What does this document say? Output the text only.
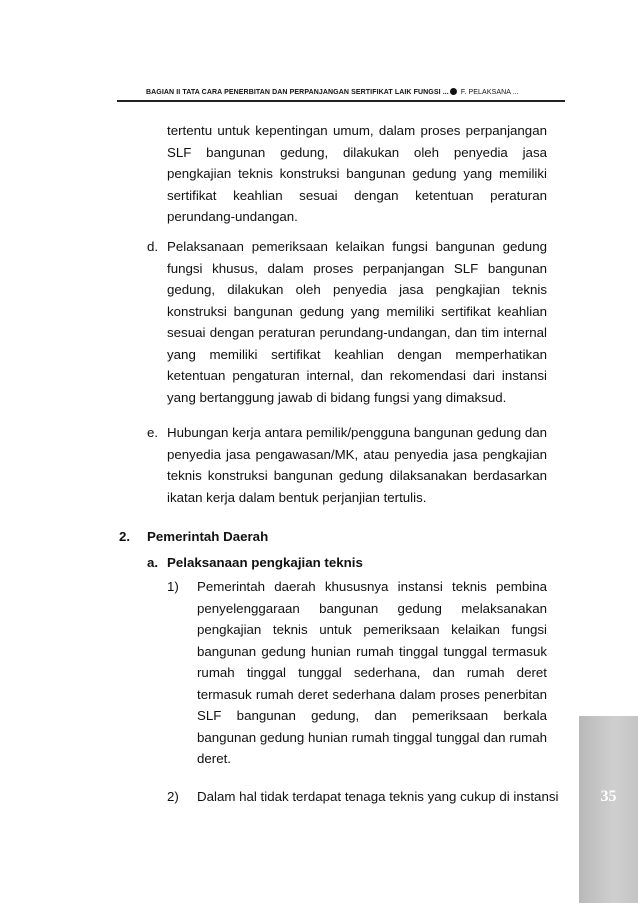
BAGIAN II TATA CARA PENERBITAN DAN PERPANJANGAN SERTIFIKAT LAIK FUNGSI ... F. PELAKSANA ...
tertentu untuk kepentingan umum, dalam proses perpanjangan SLF bangunan gedung, dilakukan oleh penyedia jasa pengkajian teknis konstruksi bangunan gedung yang memiliki sertifikat keahlian sesuai dengan ketentuan peraturan perundang-undangan.
d. Pelaksanaan pemeriksaan kelaikan fungsi bangunan gedung fungsi khusus, dalam proses perpanjangan SLF bangunan gedung, dilakukan oleh penyedia jasa pengkajian teknis konstruksi bangunan gedung yang memiliki sertifikat keahlian sesuai dengan peraturan perundang-undangan, dan tim internal yang memiliki sertifikat keahlian dengan memperhatikan ketentuan pengaturan internal, dan rekomendasi dari instansi yang bertanggung jawab di bidang fungsi yang dimaksud.
e. Hubungan kerja antara pemilik/pengguna bangunan gedung dan penyedia jasa pengawasan/MK, atau penyedia jasa pengkajian teknis konstruksi bangunan gedung dilaksanakan berdasarkan ikatan kerja dalam bentuk perjanjian tertulis.
2. Pemerintah Daerah
a. Pelaksanaan pengkajian teknis
1) Pemerintah daerah khususnya instansi teknis pembina penyelenggaraan bangunan gedung melaksanakan pengkajian teknis untuk pemeriksaan kelaikan fungsi bangunan gedung hunian rumah tinggal tunggal termasuk rumah tinggal tunggal sederhana, dan rumah deret termasuk rumah deret sederhana dalam proses penerbitan SLF bangunan gedung, dan pemeriksaan berkala bangunan gedung hunian rumah tinggal tunggal dan rumah deret.
2) Dalam hal tidak terdapat tenaga teknis yang cukup di instansi	35
